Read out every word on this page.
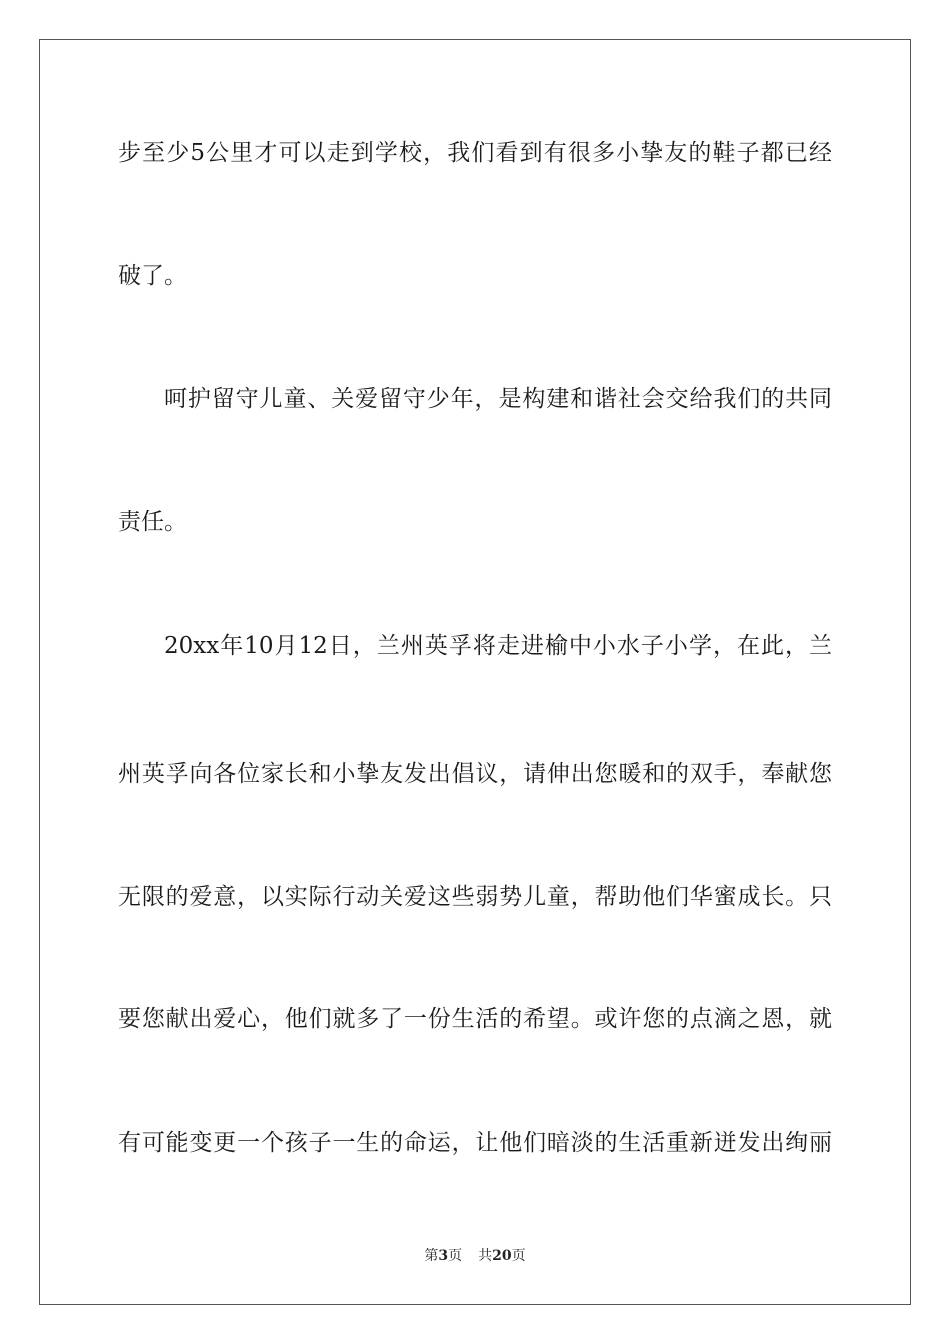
步至少5公里才可以走到学校，我们看到有很多小挚友的鞋子都已经
破了。
呵护留守儿童、关爱留守少年，是构建和谐社会交给我们的共同
责任。
20xx年10月12日，兰州英孚将走进榆中小水子小学，在此，兰
州英孚向各位家长和小挚友发出倡议，请伸出您暖和的双手，奉献您
无限的爱意，以实际行动关爱这些弱势儿童，帮助他们华蜜成长。只
要您献出爱心，他们就多了一份生活的希望。或许您的点滴之恩，就
有可能变更一个孩子一生的命运，让他们暗淡的生活重新迸发出绚丽
第3页 共20页
